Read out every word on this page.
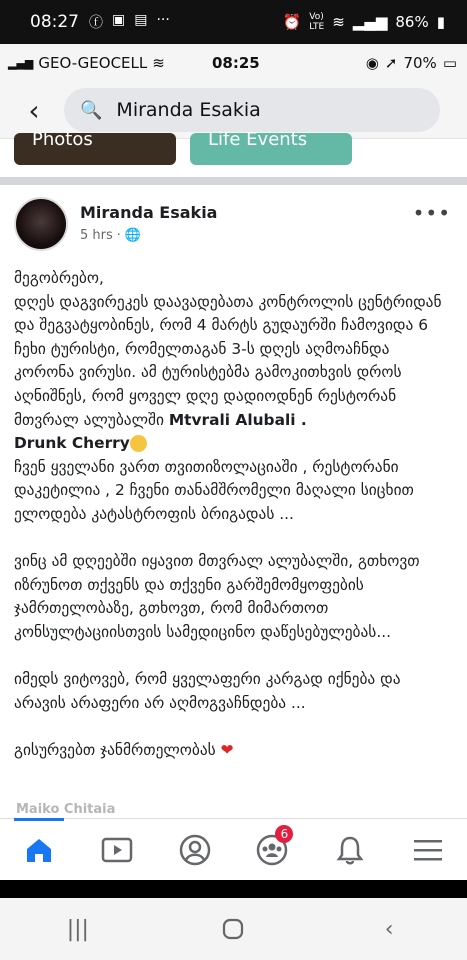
08:27 ⓕ ▣ ▤ ···	⏰ Vo)
LTE ≋ ▂▄▆ 86% ▮
▂▄▆ GEO-GEOCELL ≋	08:25	◉ ➚ 70% ▭
‹	🔍
Miranda Esakia
Photos	Life Events
Miranda Esakia
5 hrs · 🌐
•••
მეგობრებო,
დღეს დაგვირეკეს დაავადებათა კონტროლის ცენტრიდან და შეგვატყობინეს, რომ 4 მარტს გუდაურში ჩამოვიდა 6 ჩეხი ტურისტი, რომელთაგან 3-ს დღეს აღმოაჩნდა კორონა ვირუსი. ამ ტურისტებმა გამოკითხვის დროს აღნიშნეს, რომ ყოველ დღე დადიოდნენ რესტორან მთვრალ ალუბალში Mtvrali Alubali .
Drunk Cherry
ჩვენ ყველანი ვართ თვითიზოლაციაში , რესტორანი დაკეტილია , 2 ჩვენი თანამშრომელი მაღალი სიცხით ელოდება კატასტროფის ბრიგადას ...

ვინც ამ დღეებში იყავით მთვრალ ალუბალში, გთხოვთ იზრუნოთ თქვენს და თქვენი გარშემომყოფების ჯამრთელობაზე, გთხოვთ, რომ მიმართოთ კონსულტაციისთვის სამედიცინო დაწესებულებას...

იმედს ვიტოვებ, რომ ყველაფერი კარგად იქნება და არავის არაფერი არ აღმოგვაჩნდება ...

გისურვებთ ჯანმრთელობას ❤
Maiko Chitaia
6
|||	‹
